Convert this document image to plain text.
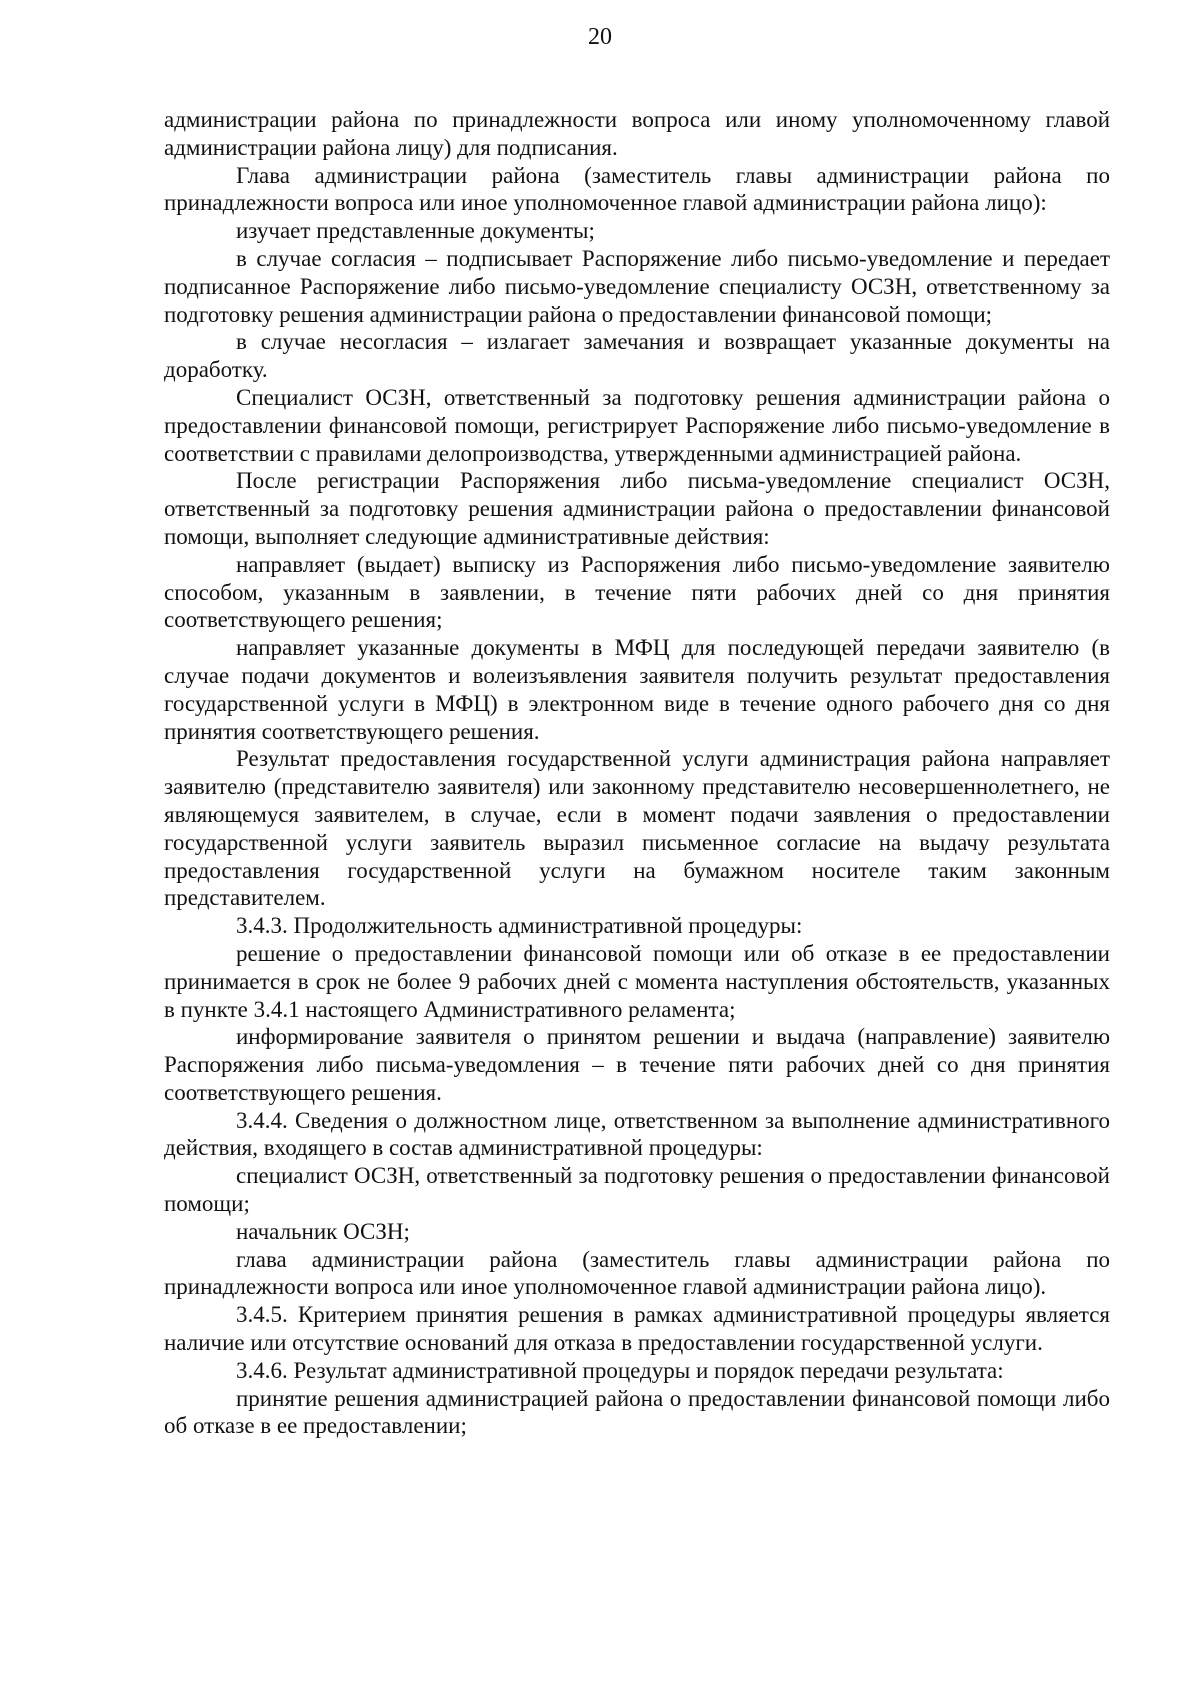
20

администрации района по принадлежности вопроса или иному уполномоченному главой администрации района лицу) для подписания.

Глава администрации района (заместитель главы администрации района по принадлежности вопроса или иное уполномоченное главой администрации района лицо):

изучает представленные документы;

в случае согласия – подписывает Распоряжение либо письмо-уведомление и передает подписанное Распоряжение либо письмо-уведомление специалисту ОСЗН, ответственному за подготовку решения администрации района о предоставлении финансовой помощи;

в случае несогласия – излагает замечания и возвращает указанные документы на доработку.

Специалист ОСЗН, ответственный за подготовку решения администрации района о предоставлении финансовой помощи, регистрирует Распоряжение либо письмо-уведомление в соответствии с правилами делопроизводства, утвержденными администрацией района.

После регистрации Распоряжения либо письма-уведомление специалист ОСЗН, ответственный за подготовку решения администрации района о предоставлении финансовой помощи, выполняет следующие административные действия:

направляет (выдает) выписку из Распоряжения либо письмо-уведомление заявителю способом, указанным в заявлении, в течение пяти рабочих дней со дня принятия соответствующего решения;

направляет указанные документы в МФЦ для последующей передачи заявителю (в случае подачи документов и волеизъявления заявителя получить результат предоставления государственной услуги в МФЦ) в электронном виде в течение одного рабочего дня со дня принятия соответствующего решения.

Результат предоставления государственной услуги администрация района направляет заявителю (представителю заявителя) или законному представителю несовершеннолетнего, не являющемуся заявителем, в случае, если в момент подачи заявления о предоставлении государственной услуги заявитель выразил письменное согласие на выдачу результата предоставления государственной услуги на бумажном носителе таким законным представителем.

3.4.3. Продолжительность административной процедуры:

решение о предоставлении финансовой помощи или об отказе в ее предоставлении принимается в срок не более 9 рабочих дней с момента наступления обстоятельств, указанных в пункте 3.4.1 настоящего Административного реламента;

информирование заявителя о принятом решении и выдача (направление) заявителю Распоряжения либо письма-уведомления – в течение пяти рабочих дней со дня принятия соответствующего решения.

3.4.4. Сведения о должностном лице, ответственном за выполнение административного действия, входящего в состав административной процедуры:

специалист ОСЗН, ответственный за подготовку решения о предоставлении финансовой помощи;

начальник ОСЗН;

глава администрации района (заместитель главы администрации района по принадлежности вопроса или иное уполномоченное главой администрации района лицо).

3.4.5. Критерием принятия решения в рамках административной процедуры является наличие или отсутствие оснований для отказа в предоставлении государственной услуги.

3.4.6. Результат административной процедуры и порядок передачи результата:

принятие решения администрацией района о предоставлении финансовой помощи либо об отказе в ее предоставлении;
